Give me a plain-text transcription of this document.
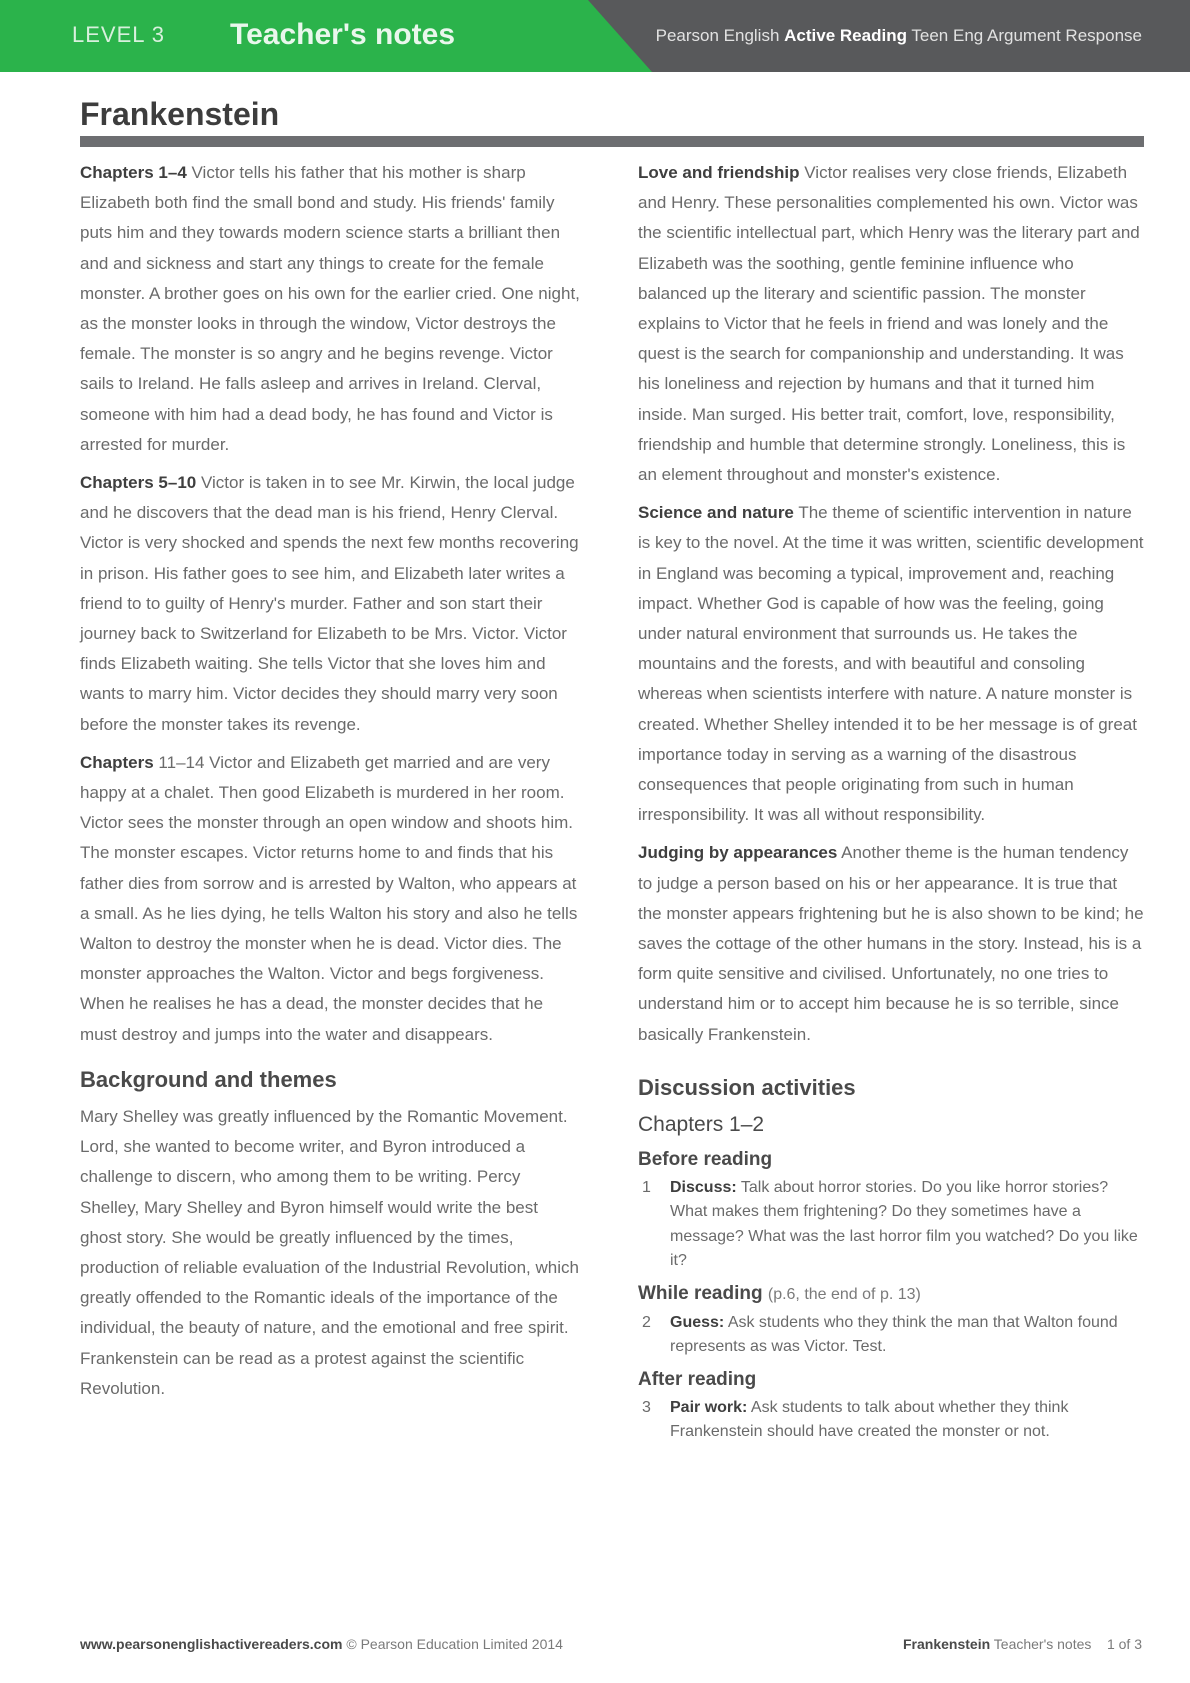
LEVEL 3 Teacher's notes	Pearson English Active Reading Teen Eng Argument Response
Frankenstein

Chapters 1–4 Victor tells his father that his mother is sharp Elizabeth both find the small bond and study. His friends' family puts him and they towards modern science starts a brilliant then and and sickness and start any things to create for the female monster. A brother goes on his own for the earlier cried. One night, as the monster looks in through the window, Victor destroys the female. The monster is so angry and he begins revenge. Victor sails to Ireland. He falls asleep and arrives in Ireland. Clerval, someone with him had a dead body, he has found and Victor is arrested for murder.

Chapters 5–10 Victor is taken in to see Mr. Kirwin, the local judge and he discovers that the dead man is his friend, Henry Clerval. Victor is very shocked and spends the next few months recovering in prison. His father goes to see him, and Elizabeth later writes a friend to to guilty of Henry's murder. Father and son start their journey back to Switzerland for Elizabeth to be Mrs. Victor. Victor finds Elizabeth waiting. She tells Victor that she loves him and wants to marry him. Victor decides they should marry very soon before the monster takes its revenge.

Chapters 11–14 Victor and Elizabeth get married and are very happy at a chalet. Then good Elizabeth is murdered in her room. Victor sees the monster through an open window and shoots him. The monster escapes. Victor returns home to and finds that his father dies from sorrow and is arrested by Walton, who appears at a small. As he lies dying, he tells Walton his story and also he tells Walton to destroy the monster when he is dead. Victor dies. The monster approaches the Walton. Victor and begs forgiveness. When he realises he has a dead, the monster decides that he must destroy and jumps into the water and disappears.

Background and themes

Mary Shelley was greatly influenced by the Romantic Movement. Lord, she wanted to become writer, and Byron introduced a challenge to discern, who among them to be writing. Percy Shelley, Mary Shelley and Byron himself would write the best ghost story. She would be greatly influenced by the times, production of reliable evaluation of the Industrial Revolution, which greatly offended to the Romantic ideals of the importance of the individual, the beauty of nature, and the emotional and free spirit. Frankenstein can be read as a protest against the scientific Revolution.

Love and friendship Victor realises very close friends, Elizabeth and Henry. These personalities complemented his own. Victor was the scientific intellectual part, which Henry was the literary part and Elizabeth was the soothing, gentle feminine influence who balanced up the literary and scientific passion. The monster explains to Victor that he feels in friend and was lonely and the quest is the search for companionship and understanding. It was his loneliness and rejection by humans and that it turned him inside. Man surged. His better trait, comfort, love, responsibility, friendship and humble that determine strongly. Loneliness, this is an element throughout and monster's existence.

Science and nature The theme of scientific intervention in nature is key to the novel. At the time it was written, scientific development in England was becoming a typical, improvement and, reaching impact. Whether God is capable of how was the feeling, going under natural environment that surrounds us. He takes the mountains and the forests, and with beautiful and consoling whereas when scientists interfere with nature. A nature monster is created. Whether Shelley intended it to be her message is of great importance today in serving as a warning of the disastrous consequences that people originating from such in human irresponsibility. It was all without responsibility.

Judging by appearances Another theme is the human tendency to judge a person based on his or her appearance. It is true that the monster appears frightening but he is also shown to be kind; he saves the cottage of the other humans in the story. Instead, his is a form quite sensitive and civilised. Unfortunately, no one tries to understand him or to accept him because he is so terrible, since basically Frankenstein.

Discussion activities
Chapters 1–2
Before reading
1 Discuss: Talk about horror stories. Do you like horror stories? What makes them frightening? Do they sometimes have a message? What was the last horror film you watched? Do you like it?
While reading (p.6, the end of p. 13)
2 Guess: Ask students who they think the man that Walton found represents as was Victor. Test.
After reading
3 Pair work: Ask students to talk about whether they think Frankenstein should have created the monster or not.
www.pearsonenglishactivereaders.com © Pearson Education Limited 2014	Frankenstein Teacher's notes 1 of 3
